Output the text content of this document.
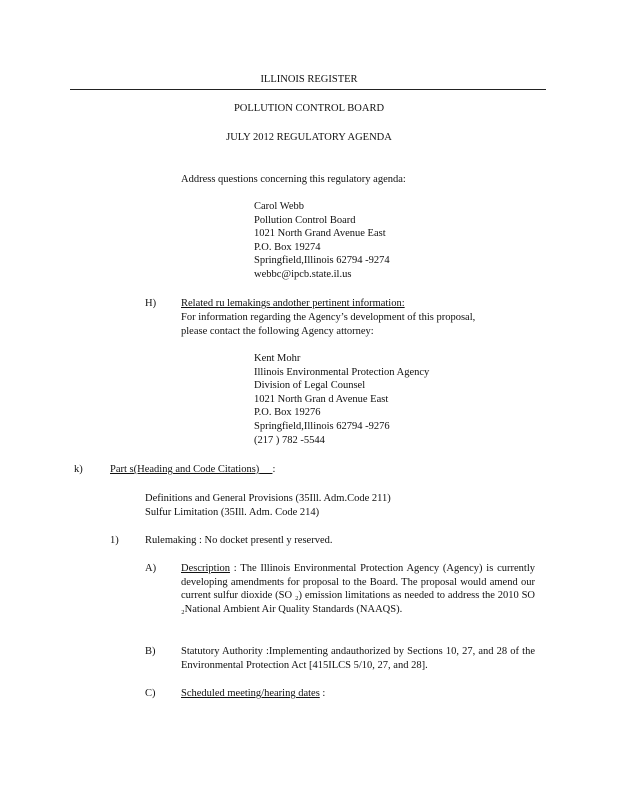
ILLINOIS REGISTER
POLLUTION CONTROL BOARD
JULY 2012 REGULATORY AGENDA
Address questions concerning this regulatory agenda:
Carol Webb
Pollution Control Board
1021 North Grand Avenue East
P.O. Box 19274
Springfield,Illinois 62794 -9274
webbc@ipcb.state.il.us
H) Related ru lemakings andother pertinent information:
For information regarding the Agency’s development of this proposal,
please contact the following Agency attorney:
Kent Mohr
Illinois Environmental Protection Agency
Division of Legal Counsel
1021 North Gran d Avenue East
P.O. Box 19276
Springfield,Illinois 62794 -9276
(217 ) 782 -5544
k)	Part s(Heading and Code Citations) :
Definitions and General Provisions (35Ill. Adm.Code 211)
Sulfur Limitation (35Ill. Adm. Code 214)
1)	Rulemaking : No docket presentl y reserved.
A) Description : The Illinois Environmental Protection Agency (Agency) is currently developing amendments for proposal to the Board. The proposal would amend our current sulfur dioxide (SO ₂) emission limitations as needed to address the 2010 SO ₂National Ambient Air Quality Standards (NAAQS).
B) Statutory Authority :Implementing andauthorized by Sections 10, 27, and 28 of the Environmental Protection Act [415ILCS 5/10, 27, and 28].
C) Scheduled meeting/hearing dates :
